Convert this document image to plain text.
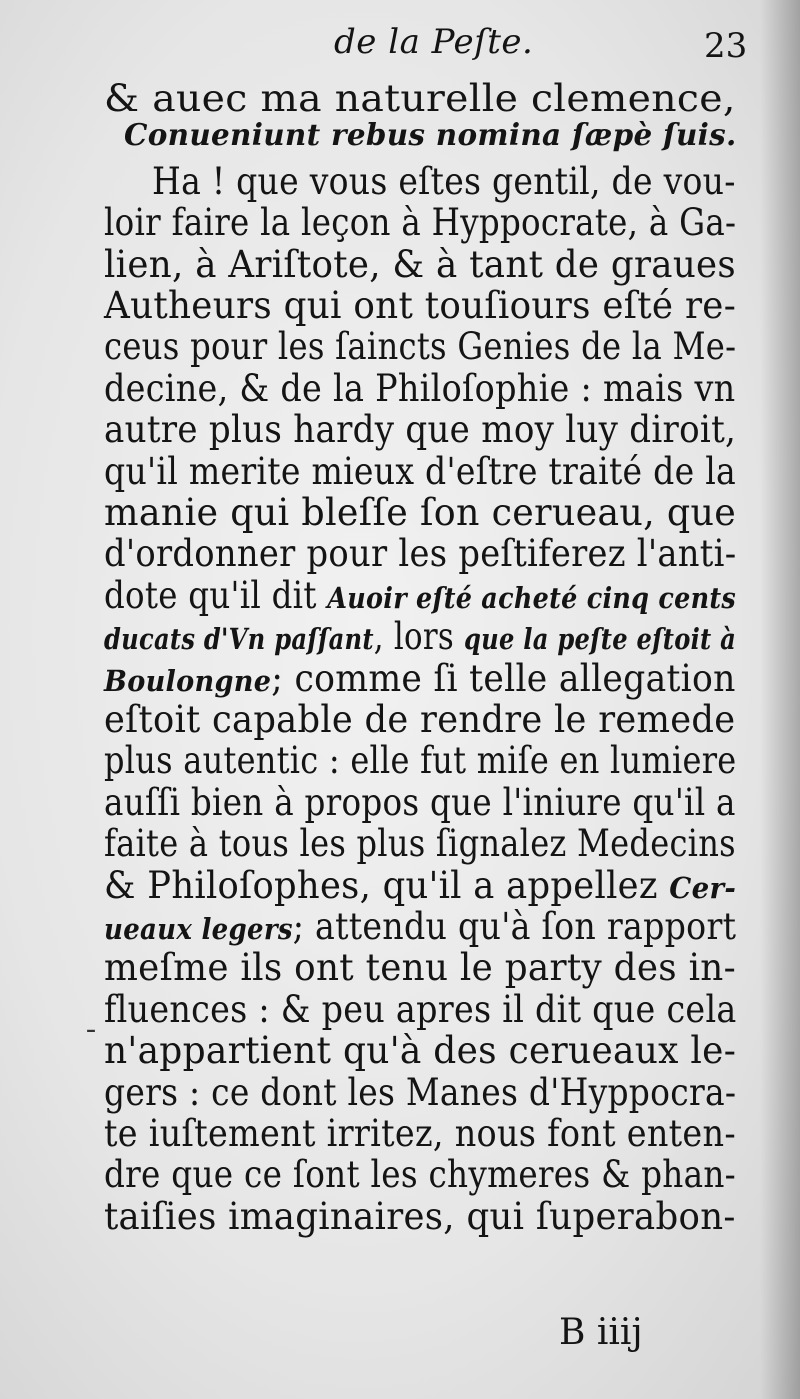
de la Peſte.	23
& auec ma naturelle clemence,
Conueniunt rebus nomina ſæpè ſuis.
Ha ! que vous eſtes gentil, de vou-
loir faire la leçon à Hyppocrate, à Ga-
lien, à Ariſtote, & à tant de graues
Autheurs qui ont touſiours eſté re-
ceus pour les ſaincts Genies de la Me-
decine, & de la Philoſophie : mais vn
autre plus hardy que moy luy diroit,
qu'il merite mieux d'eſtre traité de la
manie qui bleſſe ſon cerueau, que
d'ordonner pour les peſtiferez l'anti-
dote qu'il dit Auoir eſté acheté cinq cents
ducats d'Vn paſſant, lors que la peſte eſtoit à
Boulongne; comme ſi telle allegation
eſtoit capable de rendre le remede
plus autentic : elle fut miſe en lumiere
auſſi bien à propos que l'iniure qu'il a
faite à tous les plus ſignalez Medecins
& Philoſophes, qu'il a appellez Cer-
ueaux legers; attendu qu'à ſon rapport
meſme ils ont tenu le party des in-
fluences : & peu apres il dit que cela
n'appartient qu'à des cerueaux le-
gers : ce dont les Manes d'Hyppocra-
te iuſtement irritez, nous font enten-
dre que ce ſont les chymeres & phan-
taiſies imaginaires, qui ſuperabon-
B iiij
-
